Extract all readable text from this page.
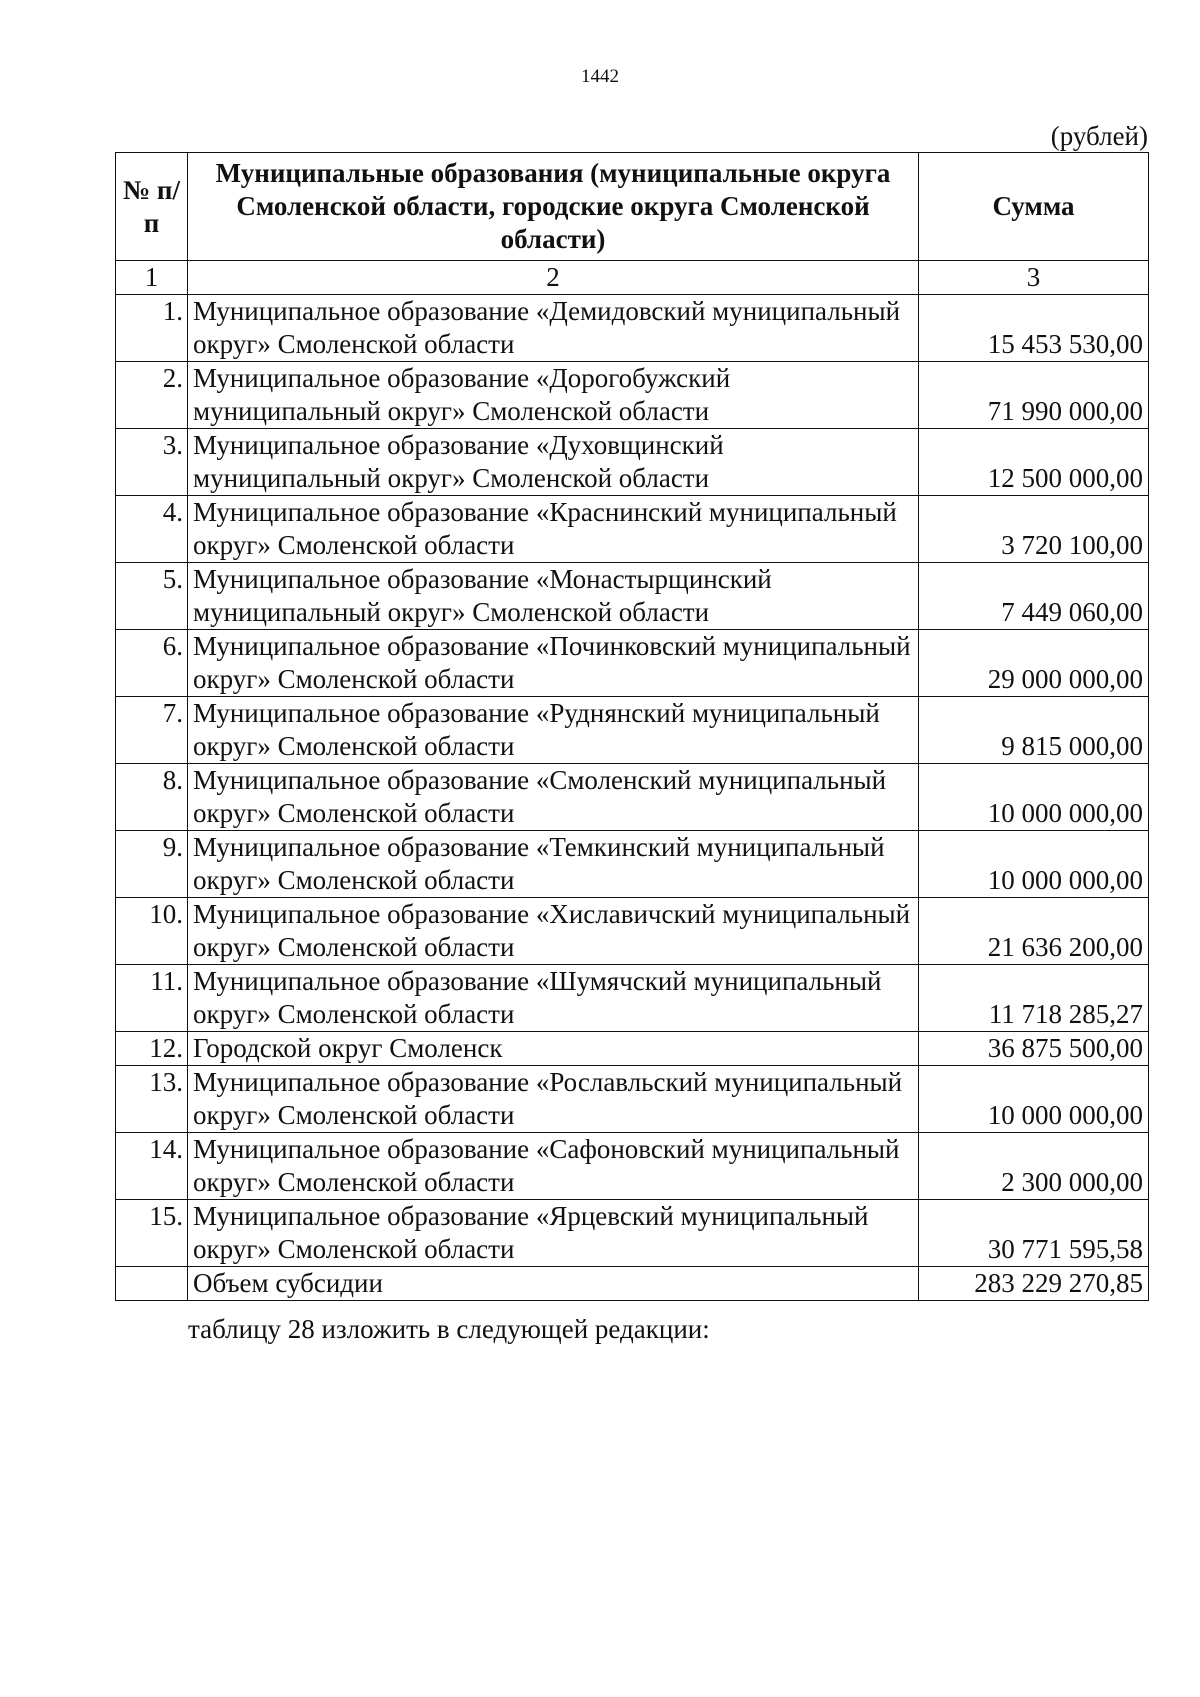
1442
(рублей)
№ п/п	Муниципальные образования (муниципальные округа Смоленской области, городские округа Смоленской области)	Сумма
1	2	3
1.	Муниципальное образование «Демидовский муниципальный округ» Смоленской области	15 453 530,00
2.	Муниципальное образование «Дорогобужский муниципальный округ» Смоленской области	71 990 000,00
3.	Муниципальное образование «Духовщинский муниципальный округ» Смоленской области	12 500 000,00
4.	Муниципальное образование «Краснинский муниципальный округ» Смоленской области	3 720 100,00
5.	Муниципальное образование «Монастырщинский муниципальный округ» Смоленской области	7 449 060,00
6.	Муниципальное образование «Починковский муниципальный округ» Смоленской области	29 000 000,00
7.	Муниципальное образование «Руднянский муниципальный округ» Смоленской области	9 815 000,00
8.	Муниципальное образование «Смоленский муниципальный округ» Смоленской области	10 000 000,00
9.	Муниципальное образование «Темкинский муниципальный округ» Смоленской области	10 000 000,00
10.	Муниципальное образование «Хиславичский муниципальный округ» Смоленской области	21 636 200,00
11.	Муниципальное образование «Шумячский муниципальный округ» Смоленской области	11 718 285,27
12.	Городской округ Смоленск	36 875 500,00
13.	Муниципальное образование «Рославльский муниципальный округ» Смоленской области	10 000 000,00
14.	Муниципальное образование «Сафоновский муниципальный округ» Смоленской области	2 300 000,00
15.	Муниципальное образование «Ярцевский муниципальный округ» Смоленской области	30 771 595,58
	Объем субсидии	283 229 270,85
таблицу 28 изложить в следующей редакции:
